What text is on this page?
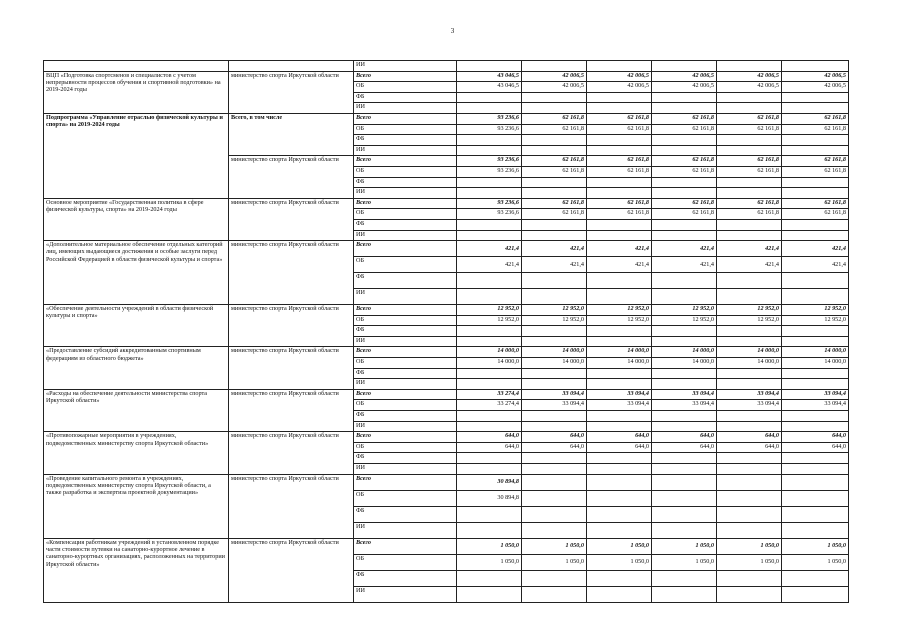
3
		ИИ						
ВЦП «Подготовка спортсменов и специалистов с учетом непрерывности процессов обучения и спортивной подготовки» на 2019-2024 годы	министерство спорта Иркутской области	Всего	43 046,5	42 006,5	42 006,5	42 006,5	42 006,5	42 006,5
		ОБ	43 046,5	42 006,5	42 006,5	42 006,5	42 006,5	42 006,5
		ФБ						
		ИИ						
Подпрограмма «Управление отраслью физической культуры и спорта» на 2019-2024 годы	Всего, в том числе	Всего	93 236,6	62 161,8	62 161,8	62 161,8	62 161,8	62 161,8
		ОБ	93 236,6	62 161,8	62 161,8	62 161,8	62 161,8	62 161,8
		ФБ						
		ИИ						
	министерство спорта Иркутской области	Всего	93 236,6	62 161,8	62 161,8	62 161,8	62 161,8	62 161,8
		ОБ	93 236,6	62 161,8	62 161,8	62 161,8	62 161,8	62 161,8
		ФБ						
		ИИ						
Основное мероприятие «Государственная политика в сфере физической культуры, спорта» на 2019-2024 годы	министерство спорта Иркутской области	Всего	93 236,6	62 161,8	62 161,8	62 161,8	62 161,8	62 161,8
		ОБ	93 236,6	62 161,8	62 161,8	62 161,8	62 161,8	62 161,8
		ФБ						
		ИИ						
«Дополнительное материальное обеспечение отдельных категорий лиц, имеющих выдающиеся достижения и особые заслуги перед Российской Федерацией в области физической культуры и спорта»	министерство спорта Иркутской области	Всего	421,4	421,4	421,4	421,4	421,4	421,4
		ОБ	421,4	421,4	421,4	421,4	421,4	421,4
		ФБ						
		ИИ						
«Обеспечение деятельности учреждений в области физической культуры и спорта»	министерство спорта Иркутской области	Всего	12 952,0	12 952,0	12 952,0	12 952,0	12 952,0	12 952,0
		ОБ	12 952,0	12 952,0	12 952,0	12 952,0	12 952,0	12 952,0
		ФБ						
		ИИ						
«Предоставление субсидий аккредитованным спортивным федерациям из областного бюджета»	министерство спорта Иркутской области	Всего	14 000,0	14 000,0	14 000,0	14 000,0	14 000,0	14 000,0
		ОБ	14 000,0	14 000,0	14 000,0	14 000,0	14 000,0	14 000,0
		ФБ						
		ИИ						
«Расходы на обеспечение деятельности министерства спорта Иркутской области»	министерство спорта Иркутской области	Всего	33 274,4	33 094,4	33 094,4	33 094,4	33 094,4	33 094,4
		ОБ	33 274,4	33 094,4	33 094,4	33 094,4	33 094,4	33 094,4
		ФБ						
		ИИ						
«Противопожарные мероприятия в учреждениях, подведомственных министерству спорта Иркутской области»	министерство спорта Иркутской области	Всего	644,0	644,0	644,0	644,0	644,0	644,0
		ОБ	644,0	644,0	644,0	644,0	644,0	644,0
		ФБ						
		ИИ						
«Проведение капитального ремонта в учреждениях, подведомственных министерству спорта Иркутской области, а также разработка и экспертиза проектной документации»	министерство спорта Иркутской области	Всего	30 894,8					
		ОБ	30 894,8					
		ФБ						
		ИИ						
«Компенсация работникам учреждений в установленном порядке части стоимости путевки на санаторно-курортное лечение в санаторно-курортных организациях, расположенных на территории Иркутской области»	министерство спорта Иркутской области	Всего	1 050,0	1 050,0	1 050,0	1 050,0	1 050,0	1 050,0
		ОБ	1 050,0	1 050,0	1 050,0	1 050,0	1 050,0	1 050,0
		ФБ						
		ИИ						
